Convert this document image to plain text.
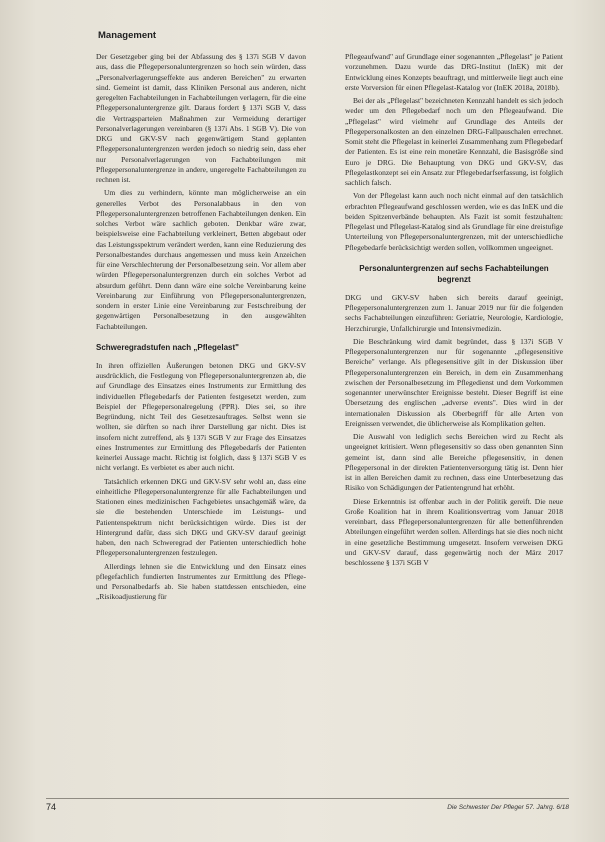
Management

Der Gesetzgeber ging bei der Abfassung des § 137i SGB V davon aus, dass die Pflegepersonaluntergrenzen so hoch sein würden, dass „Personalverlagerungseffekte aus anderen Bereichen" zu erwarten sind. Gemeint ist damit, dass Kliniken Personal aus anderen, nicht geregelten Fachabteilungen in Fachabteilungen verlagern, für die eine Pflegepersonaluntergrenze gilt. Daraus fordert § 137i SGB V, dass die Vertragsparteien Maßnahmen zur Vermeidung derartiger Personalverlagerungen vereinbaren (§ 137i Abs. 1 SGB V). Die von DKG und GKV-SV nach gegenwärtigem Stand geplanten Pflegepersonaluntergrenzen werden jedoch so niedrig sein, dass eher nur Personalverlagerungen von Fachabteilungen mit Pflegepersonaluntergrenze in andere, ungeregelte Fachabteilungen zu rechnen ist.

Um dies zu verhindern, könnte man möglicherweise an ein generelles Verbot des Personalabbaus in den von Pflegepersonaluntergrenzen betroffenen Fachabteilungen denken. Ein solches Verbot wäre sachlich geboten. Denkbar wäre zwar, beispielsweise eine Fachabteilung verkleinert, Betten abgebaut oder das Leistungsspektrum verändert werden, kann eine Reduzierung des Personalbestandes durchaus angemessen und muss kein Anzeichen für eine Verschlechterung der Personalbesetzung sein. Vor allem aber würden Pflegepersonaluntergrenzen durch ein solches Verbot ad absurdum geführt. Denn dann wäre eine solche Vereinbarung keine Vereinbarung zur Einführung von Pflegepersonaluntergrenzen, sondern in erster Linie eine Vereinbarung zur Festschreibung der gegenwärtigen Personalbesetzung in den ausgewählten Fachabteilungen.

Schweregradstufen nach „Pflegelast"

In ihren offiziellen Äußerungen betonen DKG und GKV-SV ausdrücklich, die Festlegung von Pflegepersonaluntergrenzen ab, die auf Grundlage des Einsatzes eines Instruments zur Ermittlung des individuellen Pflegebedarfs der Patienten festgesetzt werden, zum Beispiel der Pflegepersonalregelung (PPR). Dies sei, so ihre Begründung, nicht Teil des Gesetzesauftrages. Selbst wenn sie wollten, sie dürften so nach ihrer Darstellung gar nicht. Dies ist insofern nicht zutreffend, als § 137i SGB V zur Frage des Einsatzes eines Instrumentes zur Ermittlung des Pflegebedarfs der Patienten keinerlei Aussage macht. Richtig ist folglich, dass § 137i SGB V es nicht verlangt. Es verbietet es aber auch nicht.

Tatsächlich erkennen DKG und GKV-SV sehr wohl an, dass eine einheitliche Pflegepersonaluntergrenze für alle Fachabteilungen und Stationen eines medizinischen Fachgebietes unsachgemäß wäre, da sie die bestehenden Unterschiede im Leistungs- und Patientenspektrum nicht berücksichtigen würde. Dies ist der Hintergrund dafür, dass sich DKG und GKV-SV darauf geeinigt haben, den nach Schweregrad der Patienten unterschiedlich hohe Pflegepersonaluntergrenzen festzulegen.

Allerdings lehnen sie die Entwicklung und den Einsatz eines pflegefachlich fundierten Instrumentes zur Ermittlung des Pflege- und Personalbedarfs ab. Sie haben stattdessen entschieden, eine „Risikoadjustierung für

Pflegeaufwand" auf Grundlage einer sogenannten „Pflegelast" je Patient vorzunehmen. Dazu wurde das DRG-Institut (InEK) mit der Entwicklung eines Konzepts beauftragt, und mittlerweile liegt auch eine erste Vorversion für einen Pflegelast-Katalog vor (InEK 2018a, 2018b).

Bei der als „Pflegelast" bezeichneten Kennzahl handelt es sich jedoch weder um den Pflegebedarf noch um den Pflegeaufwand. Die „Pflegelast" wird vielmehr auf Grundlage des Anteils der Pflegepersonalkosten an den einzelnen DRG-Fallpauschalen errechnet. Somit steht die Pflegelast in keinerlei Zusammenhang zum Pflegebedarf der Patienten. Es ist eine rein monetäre Kennzahl, die Basisgröße sind Euro je DRG. Die Behauptung von DKG und GKV-SV, das Pflegelastkonzept sei ein Ansatz zur Pflegebedarfserfassung, ist folglich sachlich falsch.

Von der Pflegelast kann auch noch nicht einmal auf den tatsächlich erbrachten Pflegeaufwand geschlossen werden, wie es das InEK und die beiden Spitzenverbände behaupten. Als Fazit ist somit festzuhalten: Pflegelast und Pflegelast-Katalog sind als Grundlage für eine dreistufige Unterteilung von Pflegepersonaluntergrenzen, mit der unterschiedliche Pflegebedarfe berücksichtigt werden sollen, vollkommen ungeeignet.

Personaluntergrenzen auf sechs Fachabteilungen begrenzt

DKG und GKV-SV haben sich bereits darauf geeinigt, Pflegepersonaluntergrenzen zum 1. Januar 2019 nur für die folgenden sechs Fachabteilungen einzuführen: Geriatrie, Neurologie, Kardiologie, Herzchirurgie, Unfallchirurgie und Intensivmedizin.

Die Beschränkung wird damit begründet, dass § 137i SGB V Pflegepersonaluntergrenzen nur für sogenannte „pflegesensitive Bereiche" verlange. Als pflegesensitive gilt in der Diskussion über Pflegepersonaluntergrenzen ein Bereich, in dem ein Zusammenhang zwischen der Personalbesetzung im Pflegedienst und dem Vorkommen sogenannter unerwünschter Ereignisse besteht. Dieser Begriff ist eine Übersetzung des englischen „adverse events". Dies wird in der internationalen Diskussion als Oberbegriff für alle Arten von Ereignissen verwendet, die üblicherweise als Komplikation gelten.

Die Auswahl von lediglich sechs Bereichen wird zu Recht als ungeeignet kritisiert. Wenn pflegesensitiv so dass oben genannten Sinn gemeint ist, dann sind alle Bereiche pflegesensitiv, in denen Pflegepersonal in der direkten Patientenversorgung tätig ist. Denn hier ist in allen Bereichen damit zu rechnen, dass eine Unterbesetzung das Risiko von Schädigungen der Patientengrund hat erhöht.

Diese Erkenntnis ist offenbar auch in der Politik gereift. Die neue Große Koalition hat in ihrem Koalitionsvertrag vom Januar 2018 vereinbart, dass Pflegepersonaluntergrenzen für alle bettenführenden Abteilungen eingeführt werden sollen. Allerdings hat sie dies noch nicht in eine gesetzliche Bestimmung umgesetzt. Insofern verweisen DKG und GKV-SV darauf, dass gegenwärtig noch der März 2017 beschlossene § 137i SGB V

74	Die Schwester Der Pfleger 57. Jahrg. 6/18
